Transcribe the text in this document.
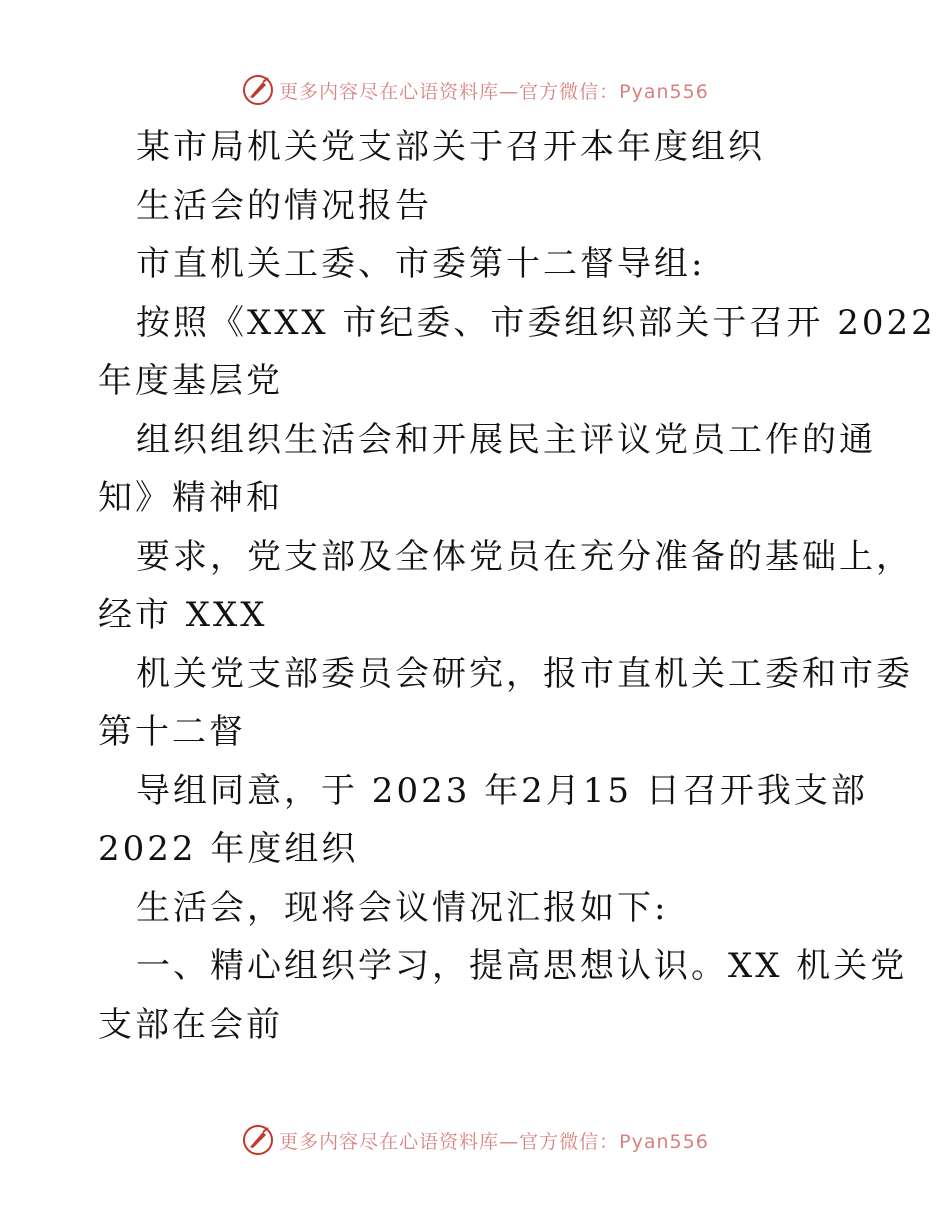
更多内容尽在心语资料库—官方微信：Pyan556
某市局机关党支部关于召开本年度组织
生活会的情况报告
市直机关工委、市委第十二督导组:
按照《XXX 市纪委、市委组织部关于召开 2022
年度基层党
组织组织生活会和开展民主评议党员工作的通
知》精神和
要求，党支部及全体党员在充分准备的基础上，
经市 XXX
机关党支部委员会研究，报市直机关工委和市委
第十二督
导组同意，于 2023 年2月15 日召开我支部
2022 年度组织
生活会，现将会议情况汇报如下:
一、精心组织学习，提高思想认识。XX 机关党
支部在会前
更多内容尽在心语资料库—官方微信：Pyan556
